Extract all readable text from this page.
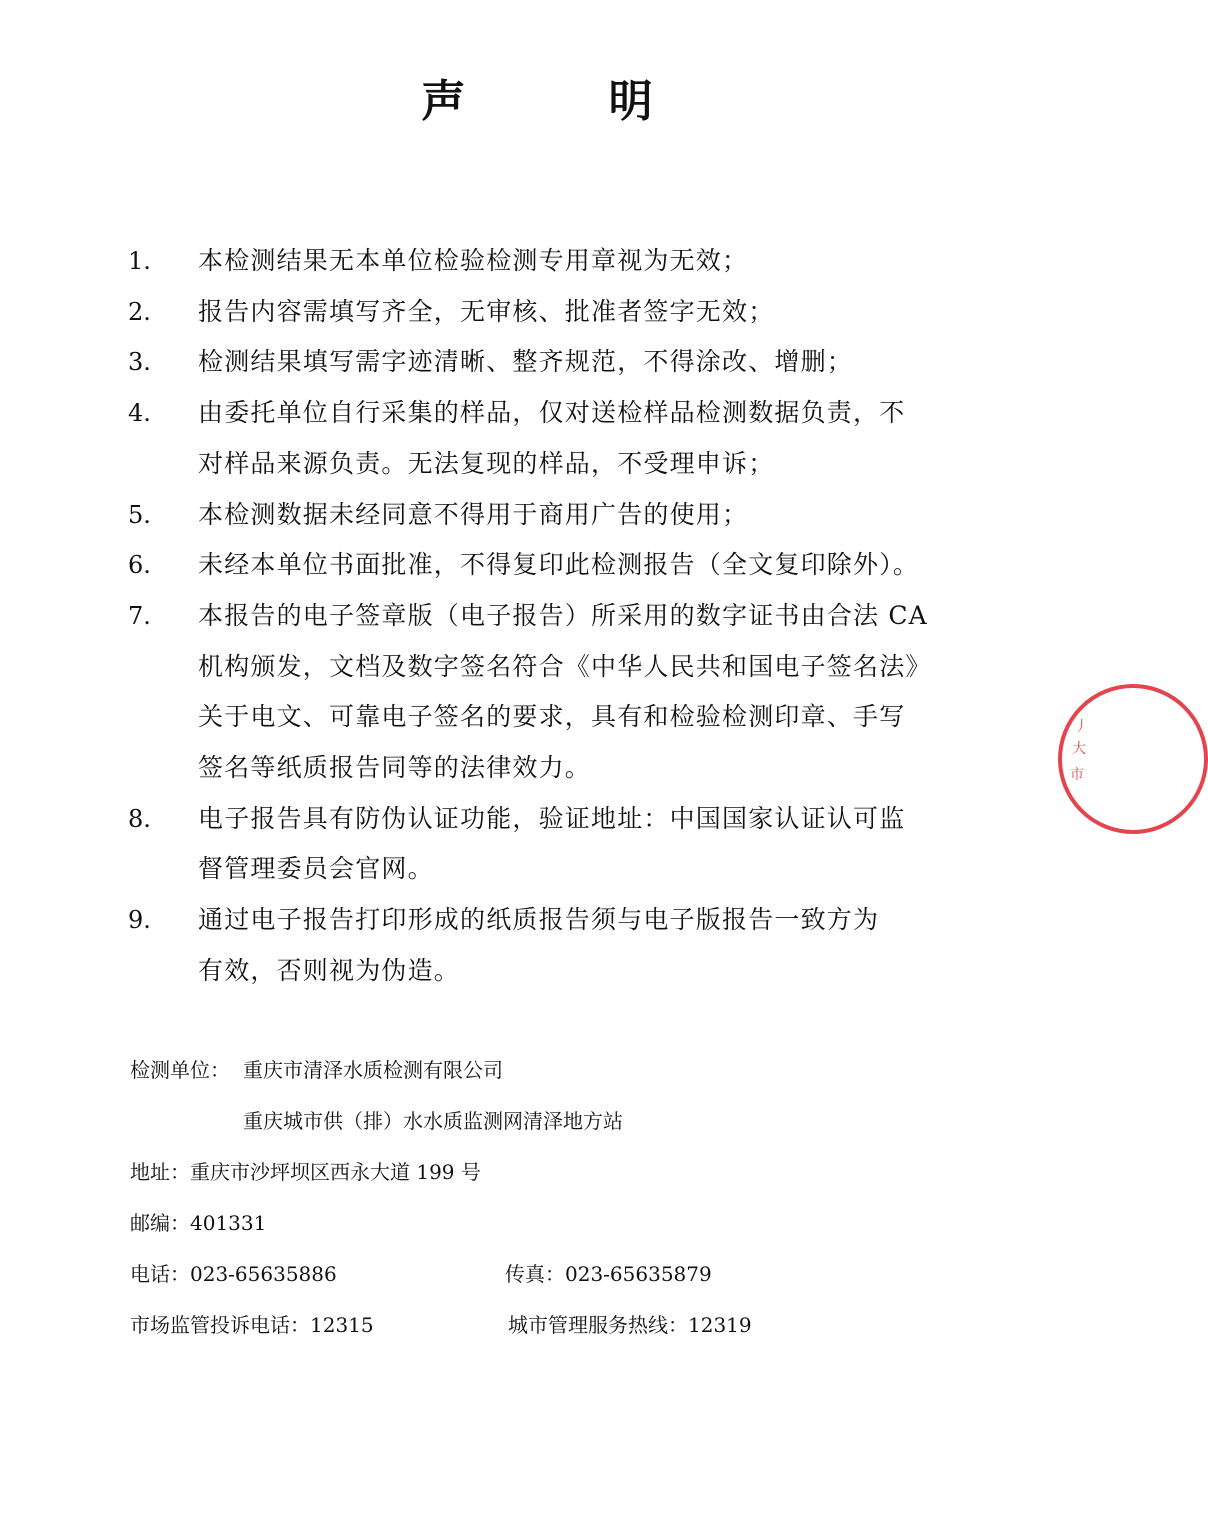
声 明
1.	本检测结果无本单位检验检测专用章视为无效；
2.	报告内容需填写齐全，无审核、批准者签字无效；
3.	检测结果填写需字迹清晰、整齐规范，不得涂改、增删；
4.	由委托单位自行采集的样品，仅对送检样品检测数据负责，不
对样品来源负责。无法复现的样品，不受理申诉；
5.	本检测数据未经同意不得用于商用广告的使用；
6.	未经本单位书面批准，不得复印此检测报告（全文复印除外）。
7.	本报告的电子签章版（电子报告）所采用的数字证书由合法 CA
机构颁发，文档及数字签名符合《中华人民共和国电子签名法》
关于电文、可靠电子签名的要求，具有和检验检测印章、手写
签名等纸质报告同等的法律效力。
8.	电子报告具有防伪认证功能，验证地址：中国国家认证认可监
督管理委员会官网。
9.	通过电子报告打印形成的纸质报告须与电子版报告一致方为
有效，否则视为伪造。
检测单位： 重庆市清泽水质检测有限公司
重庆城市供（排）水水质监测网清泽地方站
地址：重庆市沙坪坝区西永大道 199 号
邮编：401331
电话：023-65635886	传真：023-65635879
市场监管投诉电话：12315	城市管理服务热线：12319
丿
大
市
